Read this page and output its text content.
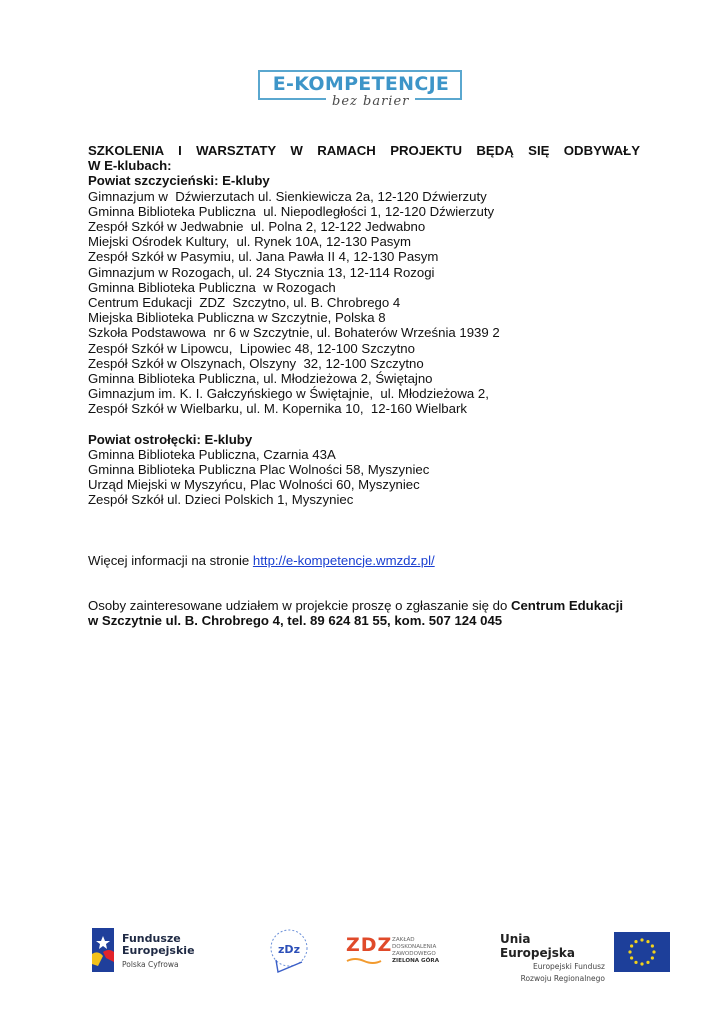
E-KOMPETENCJE
bez barier
SZKOLENIA I WARSZTATY W RAMACH PROJEKTU BĘDĄ SIĘ ODBYWAŁY
W E-klubach:
Powiat szczycieński: E-kluby
Gimnazjum w  Dźwierzutach ul. Sienkiewicza 2a, 12-120 Dźwierzuty
Gminna Biblioteka Publiczna  ul. Niepodległości 1, 12-120 Dźwierzuty
Zespół Szkół w Jedwabnie  ul. Polna 2, 12-122 Jedwabno
Miejski Ośrodek Kultury,  ul. Rynek 10A, 12-130 Pasym
Zespół Szkół w Pasymiu, ul. Jana Pawła II 4, 12-130 Pasym
Gimnazjum w Rozogach, ul. 24 Stycznia 13, 12-114 Rozogi
Gminna Biblioteka Publiczna  w Rozogach
Centrum Edukacji  ZDZ  Szczytno, ul. B. Chrobrego 4
Miejska Biblioteka Publiczna w Szczytnie, Polska 8
Szkoła Podstawowa  nr 6 w Szczytnie, ul. Bohaterów Września 1939 2
Zespół Szkół w Lipowcu,  Lipowiec 48, 12-100 Szczytno
Zespół Szkół w Olszynach, Olszyny  32, 12-100 Szczytno
Gminna Biblioteka Publiczna, ul. Młodzieżowa 2, Świętajno
Gimnazjum im. K. I. Gałczyńskiego w Świętajnie,  ul. Młodzieżowa 2,
Zespół Szkół w Wielbarku, ul. M. Kopernika 10,  12-160 Wielbark
Powiat ostrołęcki: E-kluby
Gminna Biblioteka Publiczna, Czarnia 43A
Gminna Biblioteka Publiczna Plac Wolności 58, Myszyniec
Urząd Miejski w Myszyńcu, Plac Wolności 60, Myszyniec
Zespół Szkół ul. Dzieci Polskich 1, Myszyniec
Więcej informacji na stronie http://e-kompetencje.wmzdz.pl/
Osoby zainteresowane udziałem w projekcie proszę o zgłaszanie się do Centrum Edukacji
w Szczytnie ul. B. Chrobrego 4, tel. 89 624 81 55, kom. 507 124 045
Fundusze
Europejskie
Polska Cyfrowa
zDz ZDZ ZAKŁAD
DOSKONALENIA
ZAWODOWEGO
ZIELONA GÓRA
Unia Europejska
Europejski Fundusz
Rozwoju Regionalnego
